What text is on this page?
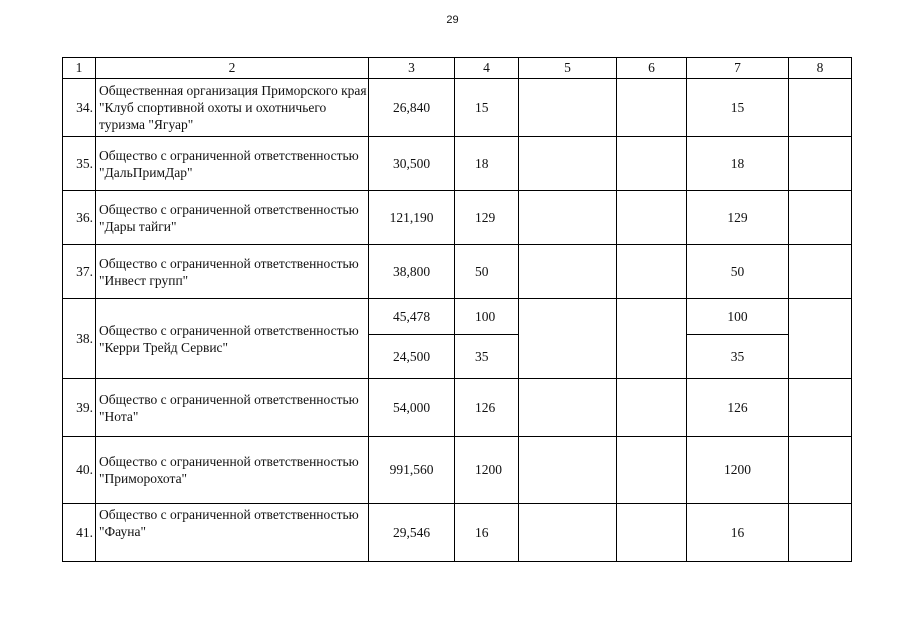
29
1	2	3	4	5	6	7	8
34.	Общественная организация Приморского края "Клуб спортивной охоты и охотничьего туризма "Ягуар"	26,840	15			15	
35.	Общество с ограниченной ответственностью "ДальПримДар"	30,500	18			18	
36.	Общество с ограниченной ответственностью "Дары тайги"	121,190	129			129	
37.	Общество с ограниченной ответственностью "Инвест групп"	38,800	50			50	
38.	Общество с ограниченной ответственностью "Керри Трейд Сервис"	45,478	100			100	
		24,500	35			35	
39.	Общество с ограниченной ответственностью "Нота"	54,000	126			126	
40.	Общество с ограниченной ответственностью "Приморохота"	991,560	1200			1200	
41.	Общество с ограниченной ответственностью "Фауна"	29,546	16			16	
